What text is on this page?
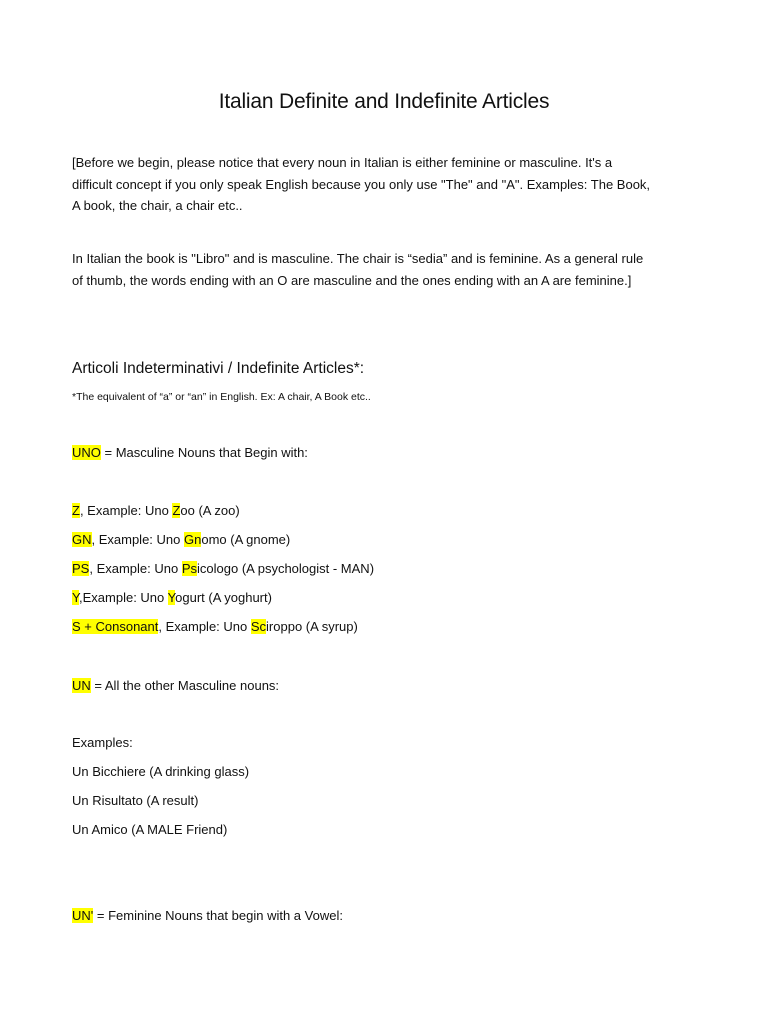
Italian Definite and Indefinite Articles
[Before we begin, please notice that every noun in Italian is either feminine or masculine. It's a
difficult concept if you only speak English because you only use "The" and "A". Examples: The Book,
A book, the chair, a chair etc..
In Italian the book is "Libro" and is masculine. The chair is “sedia” and is feminine. As a general rule
of thumb, the words ending with an O are masculine and the ones ending with an A are feminine.]
Articoli Indeterminativi / Indefinite Articles*:
*The equivalent of “a” or “an” in English. Ex: A chair, A Book etc..
UNO = Masculine Nouns that Begin with:
Z, Example: Uno Zoo (A zoo)
GN, Example: Uno Gnomo (A gnome)
PS, Example: Uno Psicologo (A psychologist - MAN)
Y,Example: Uno Yogurt (A yoghurt)
S + Consonant, Example: Uno Sciroppo (A syrup)
UN = All the other Masculine nouns:
Examples:
Un Bicchiere (A drinking glass)
Un Risultato (A result)
Un Amico (A MALE Friend)
UN' = Feminine Nouns that begin with a Vowel:
